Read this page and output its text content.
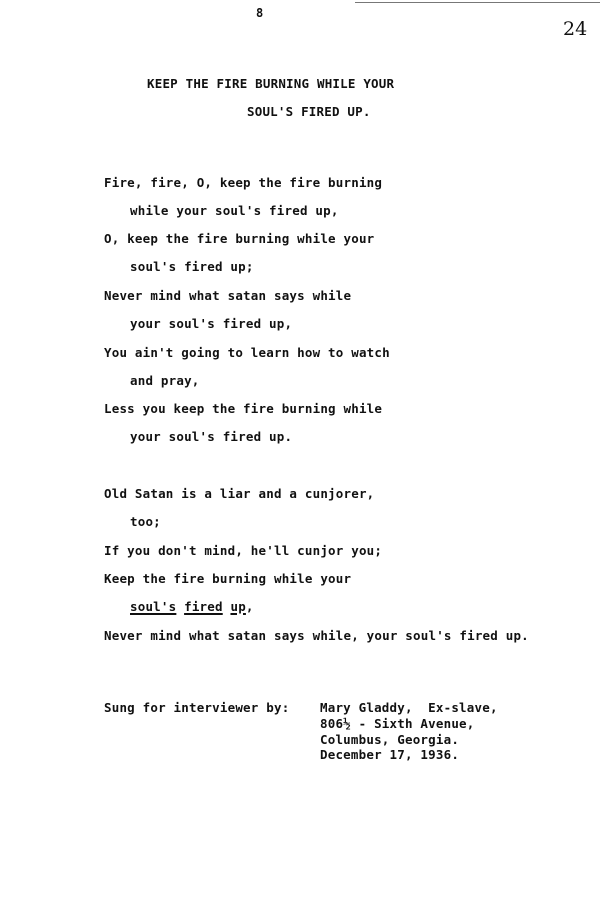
8
24
KEEP THE FIRE BURNING WHILE YOUR
SOUL'S FIRED UP.
Fire, fire, O, keep the fire burning
while your soul's fired up,
O, keep the fire burning while your
soul's fired up;
Never mind what satan says while
your soul's fired up,
You ain't going to learn how to watch
and pray,
Less you keep the fire burning while
your soul's fired up.
Old Satan is a liar and a cunjorer,
too;
If you don't mind, he'll cunjor you;
Keep the fire burning while your
soul's fired up,
Never mind what satan says while, your soul's fired up.
Sung for interviewer by: Mary Gladdy,  Ex-slave,
806½ - Sixth Avenue,
Columbus, Georgia.
December 17, 1936.
